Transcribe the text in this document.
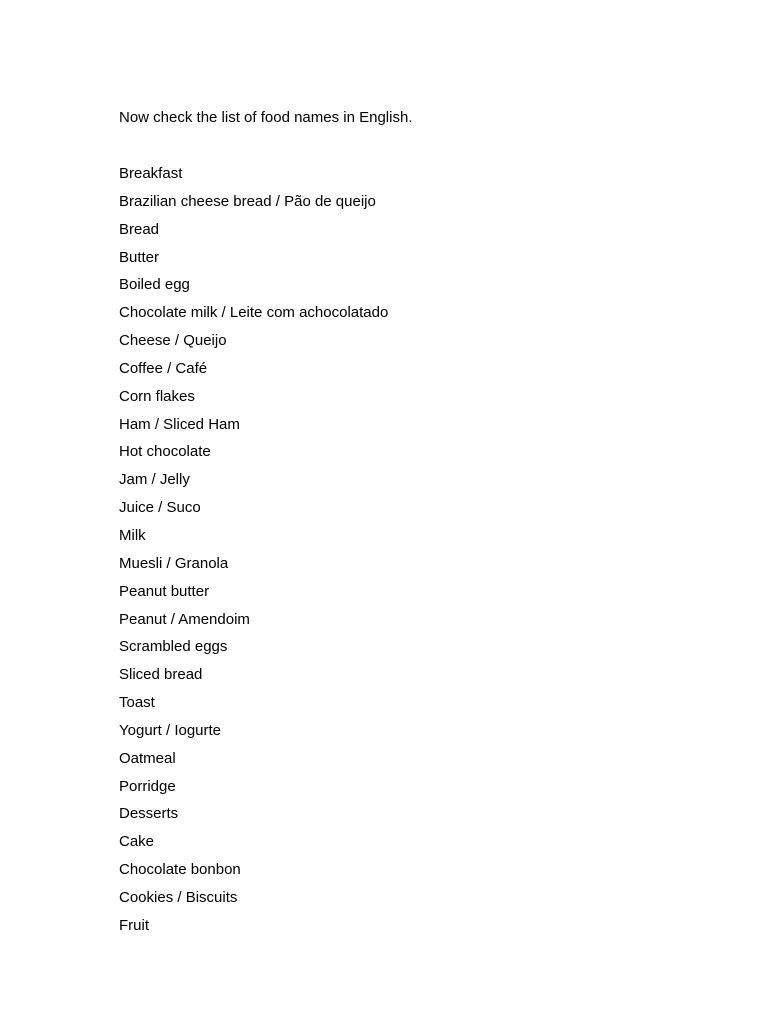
Now check the list of food names in English.
Breakfast
Brazilian cheese bread / Pão de queijo
Bread
Butter
Boiled egg
Chocolate milk / Leite com achocolatado
Cheese / Queijo
Coffee / Café
Corn flakes
Ham / Sliced Ham
Hot chocolate
Jam / Jelly
Juice / Suco
Milk
Muesli / Granola
Peanut butter
Peanut / Amendoim
Scrambled eggs
Sliced bread
Toast
Yogurt / Iogurte
Oatmeal
Porridge
Desserts
Cake
Chocolate bonbon
Cookies / Biscuits
Fruit
